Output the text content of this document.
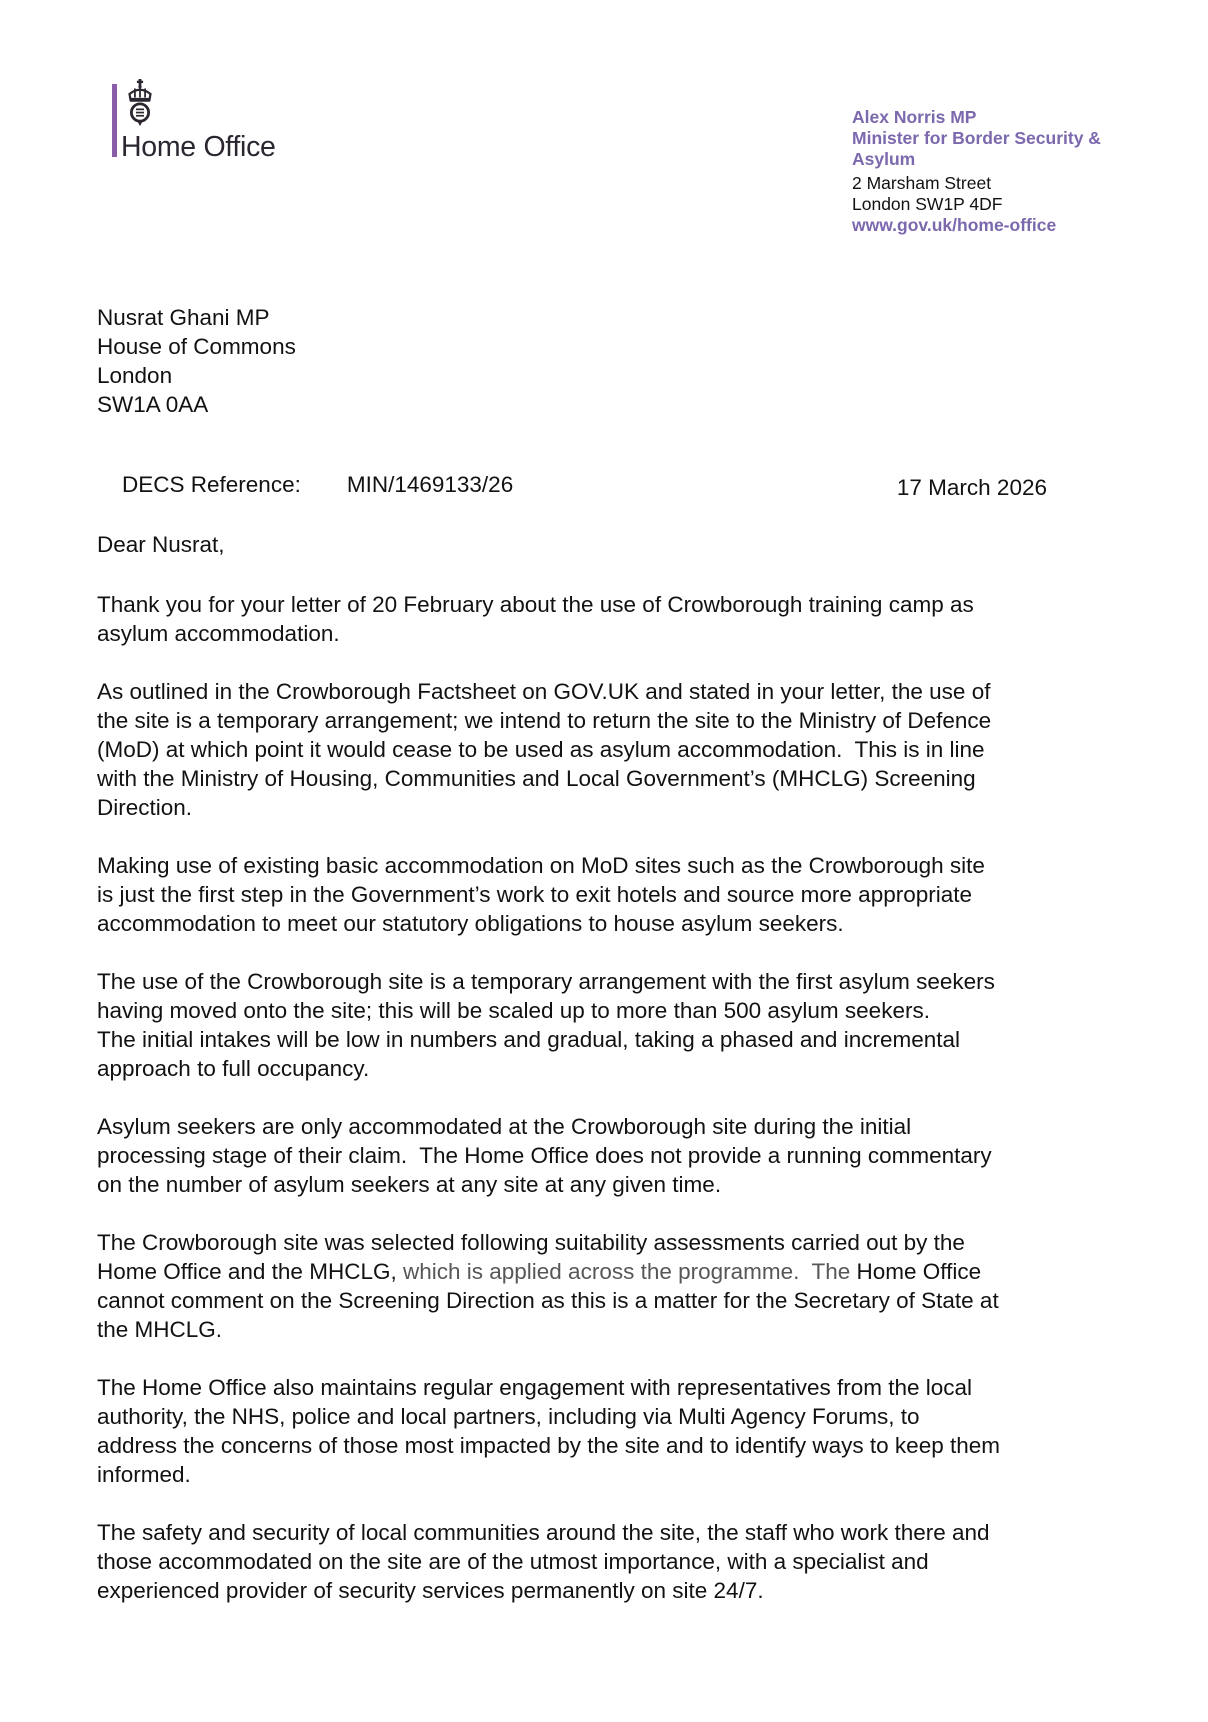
Home Office
Alex Norris MP
Minister for Border Security &
Asylum
2 Marsham Street
London SW1P 4DF
www.gov.uk/home-office
Nusrat Ghani MP
House of Commons
London
SW1A 0AA

DECS Reference: MIN/1469133/26
	17 March 2026
Dear Nusrat,

Thank you for your letter of 20 February about the use of Crowborough training camp as
asylum accommodation.

As outlined in the Crowborough Factsheet on GOV.UK and stated in your letter, the use of
the site is a temporary arrangement; we intend to return the site to the Ministry of Defence
(MoD) at which point it would cease to be used as asylum accommodation.  This is in line
with the Ministry of Housing, Communities and Local Government’s (MHCLG) Screening
Direction.

Making use of existing basic accommodation on MoD sites such as the Crowborough site
is just the first step in the Government’s work to exit hotels and source more appropriate
accommodation to meet our statutory obligations to house asylum seekers.

The use of the Crowborough site is a temporary arrangement with the first asylum seekers
having moved onto the site; this will be scaled up to more than 500 asylum seekers.
The initial intakes will be low in numbers and gradual, taking a phased and incremental
approach to full occupancy.

Asylum seekers are only accommodated at the Crowborough site during the initial
processing stage of their claim.  The Home Office does not provide a running commentary
on the number of asylum seekers at any site at any given time.

The Crowborough site was selected following suitability assessments carried out by the
Home Office and the MHCLG, which is applied across the programme.  The Home Office
cannot comment on the Screening Direction as this is a matter for the Secretary of State at
the MHCLG.

The Home Office also maintains regular engagement with representatives from the local
authority, the NHS, police and local partners, including via Multi Agency Forums, to
address the concerns of those most impacted by the site and to identify ways to keep them
informed.

The safety and security of local communities around the site, the staff who work there and
those accommodated on the site are of the utmost importance, with a specialist and
experienced provider of security services permanently on site 24/7.
